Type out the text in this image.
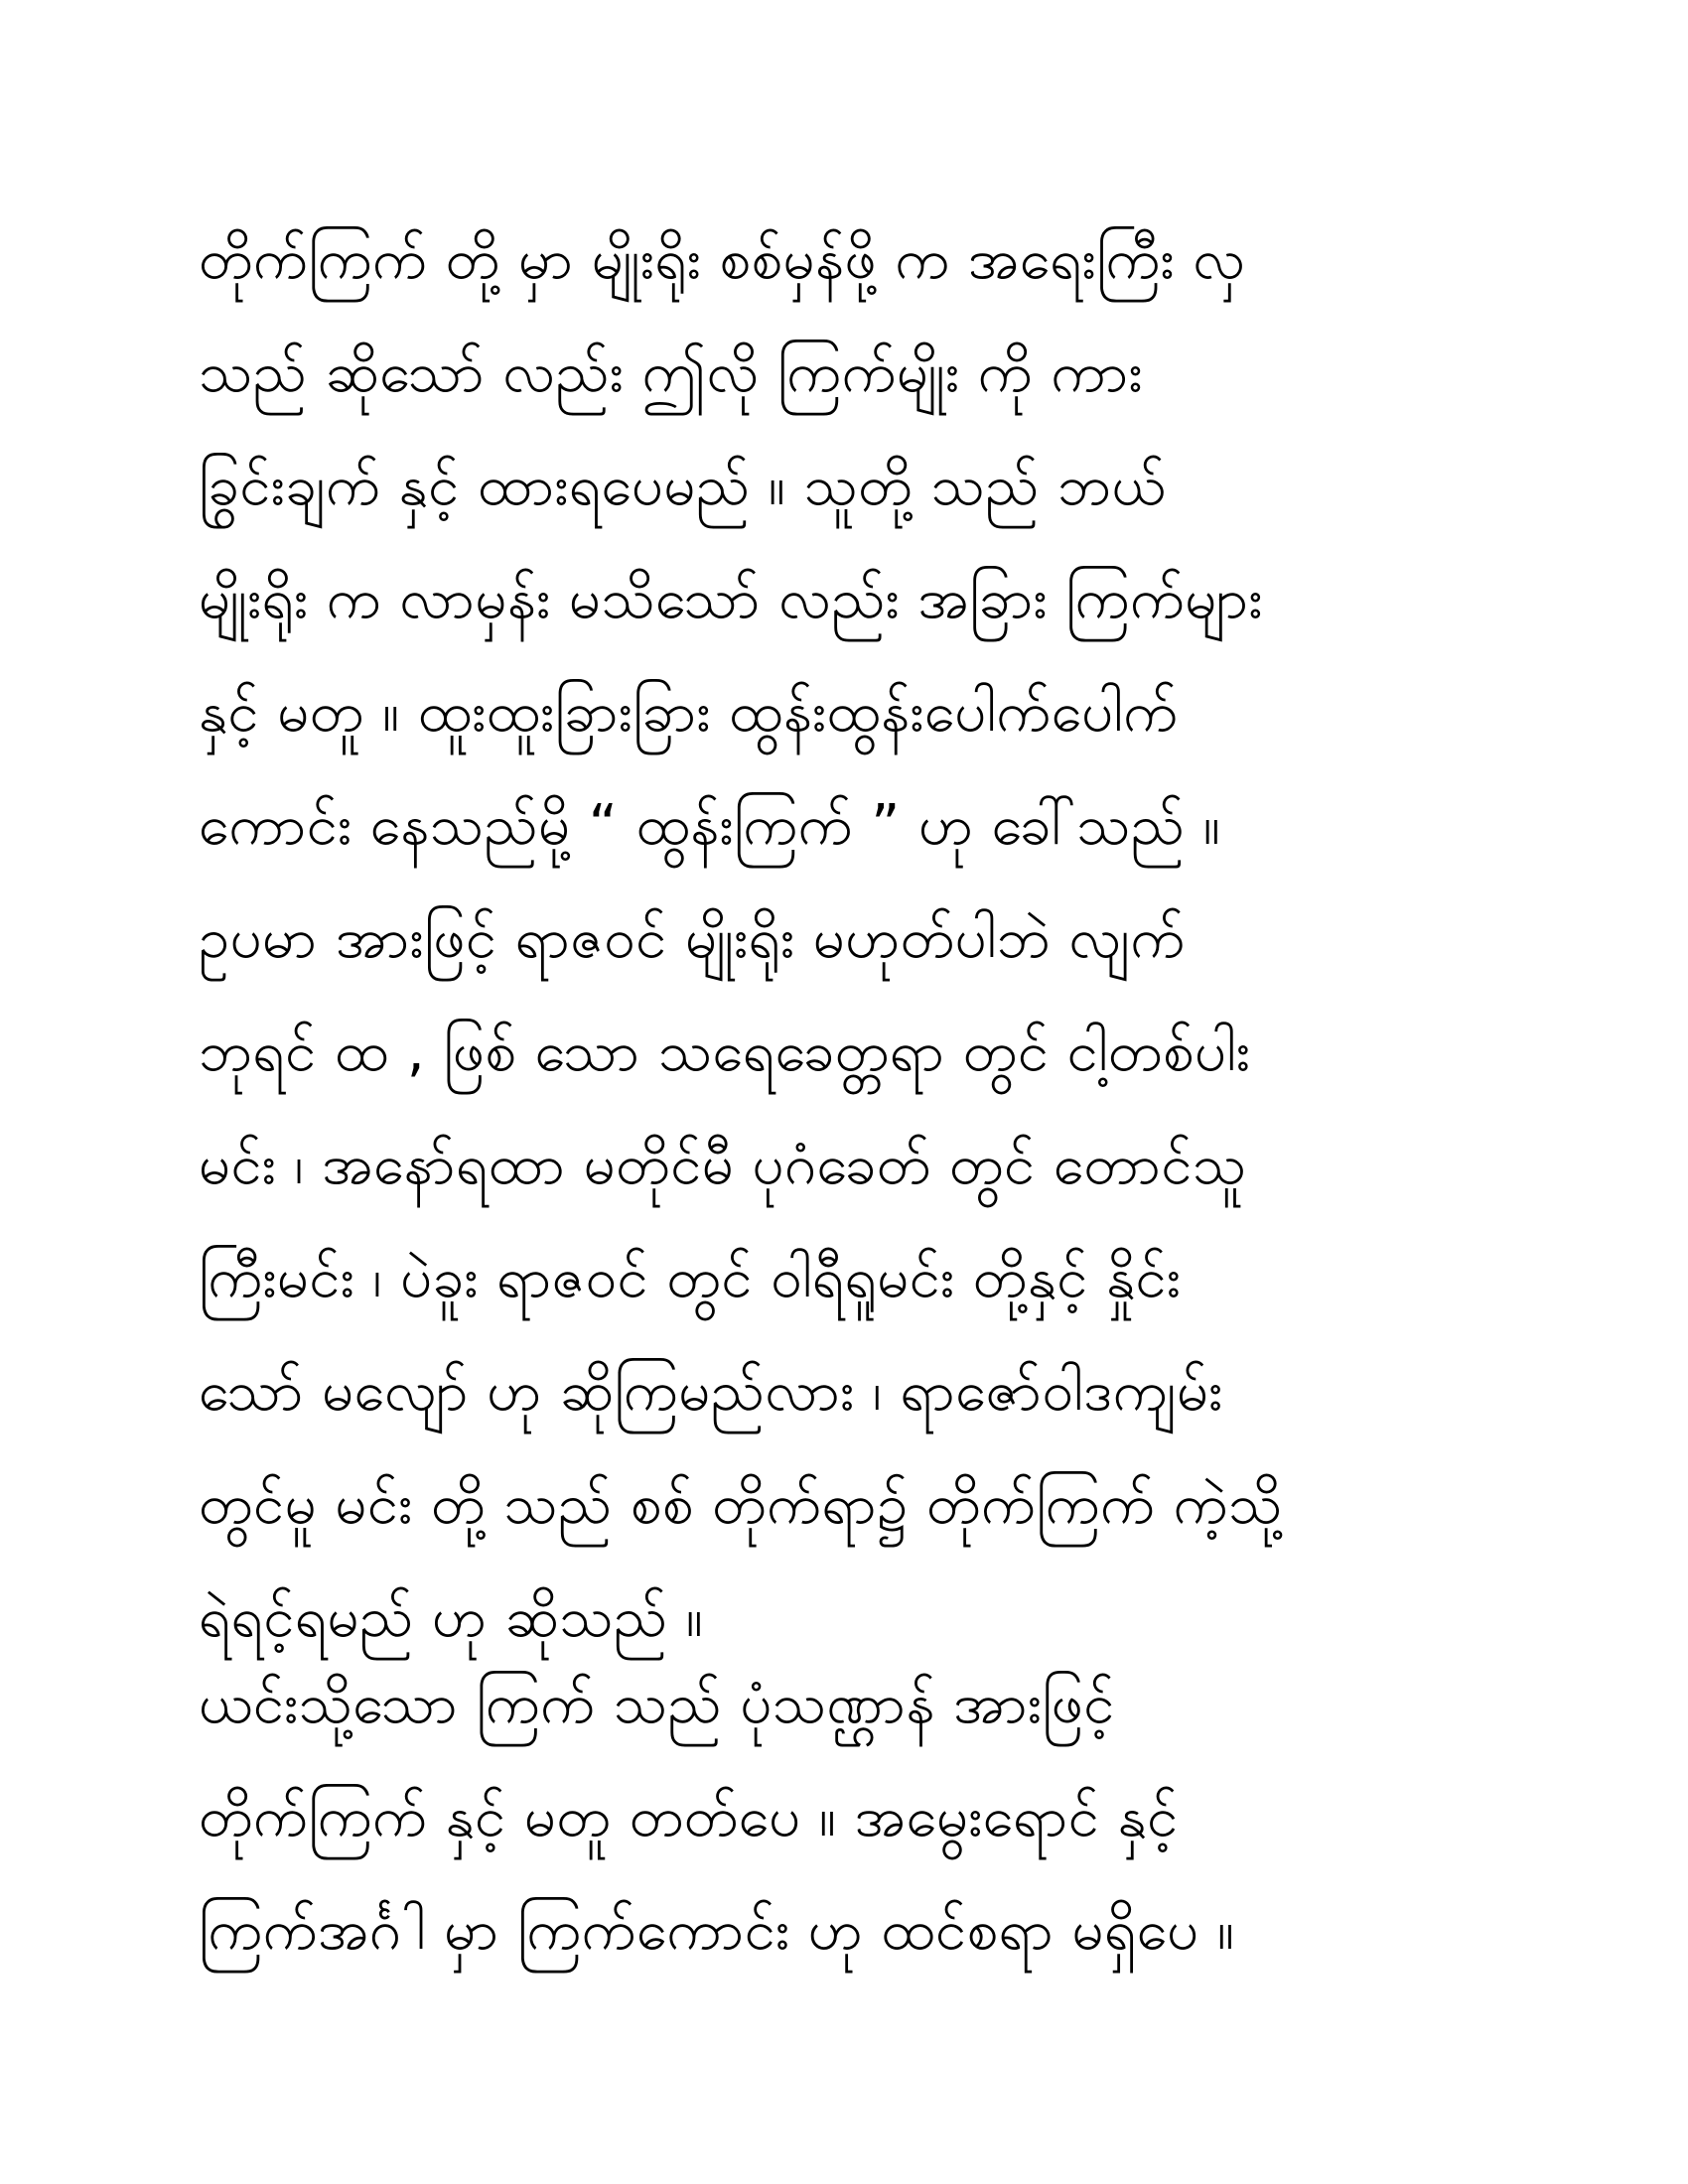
တိုက်ကြက် တို့ မှာ မျိုးရိုး စစ်မှန်ဖို့ က အရေးကြီး လှ
သည် ဆိုသော် လည်း ဤလို ကြက်မျိုး ကို ကား
ခြွင်းချက် နှင့် ထားရပေမည် ။ သူတို့ သည် ဘယ်
မျိုးရိုး က လာမှန်း မသိသော် လည်း အခြား ကြက်များ
နှင့် မတူ ။ ထူးထူးခြားခြား ထွန်းထွန်းပေါက်ပေါက်
ကောင်း နေသည်မို့ “ ထွန်းကြက် ” ဟု ခေါ်သည် ။
ဥပမာ အားဖြင့် ရာဇဝင် မျိုးရိုး မဟုတ်ပါဘဲ လျက်
ဘုရင် ထ , ဖြစ် သော သရေခေတ္တရာ တွင် ငါ့တစ်ပါး
မင်း ၊ အနော်ရထာ မတိုင်မီ ပုဂံခေတ် တွင် တောင်သူ
ကြီးမင်း ၊ ပဲခူး ရာဇဝင် တွင် ဝါရီရူမင်း တို့နှင့် နှိုင်း
သော် မလျော် ဟု ဆိုကြမည်လား ၊ ရာဇော်ဝါဒကျမ်း
တွင်မူ မင်း တို့ သည် စစ် တိုက်ရာ၌ တိုက်ကြက် ကဲ့သို့
ရဲရင့်ရမည် ဟု ဆိုသည် ။
ယင်းသို့သော ကြက် သည် ပုံသဏ္ဌာန် အားဖြင့်
တိုက်ကြက် နှင့် မတူ တတ်ပေ ။ အမွေးရောင် နှင့်
ကြက်အင်္ဂါ မှာ ကြက်ကောင်း ဟု ထင်စရာ မရှိပေ ။
